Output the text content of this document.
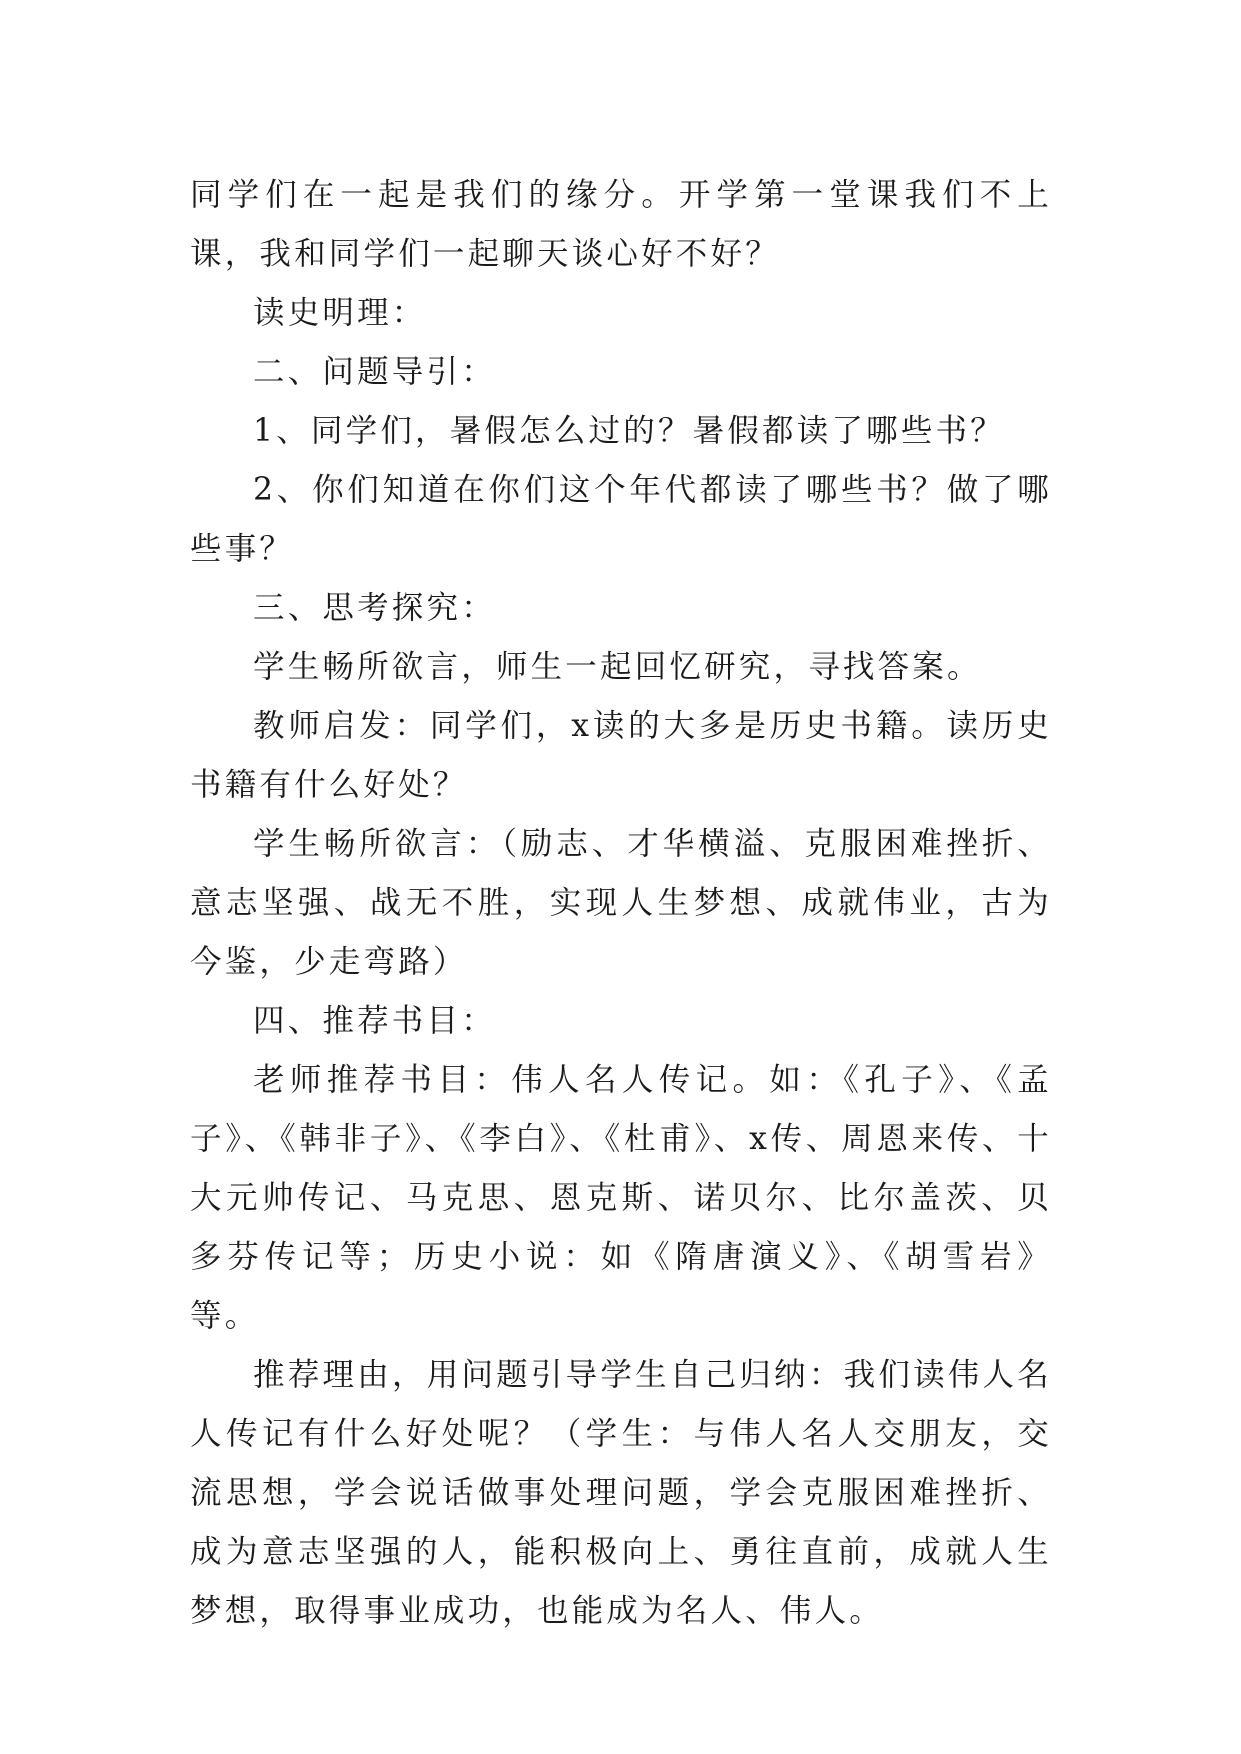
同学们在一起是我们的缘分。开学第一堂课我们不上课，我和同学们一起聊天谈心好不好？

读史明理：

二、问题导引：

1、同学们，暑假怎么过的？暑假都读了哪些书？

2、你们知道在你们这个年代都读了哪些书？做了哪些事？

三、思考探究：

学生畅所欲言，师生一起回忆研究，寻找答案。

教师启发：同学们，x读的大多是历史书籍。读历史书籍有什么好处？

学生畅所欲言：（励志、才华横溢、克服困难挫折、意志坚强、战无不胜，实现人生梦想、成就伟业，古为今鉴，少走弯路）

四、推荐书目：

老师推荐书目：伟人名人传记。如：《孔子》、《孟子》、《韩非子》、《李白》、《杜甫》、x传、周恩来传、十大元帅传记、马克思、恩克斯、诺贝尔、比尔盖茨、贝多芬传记等；历史小说：如《隋唐演义》、《胡雪岩》等。

推荐理由，用问题引导学生自己归纳：我们读伟人名人传记有什么好处呢？（学生：与伟人名人交朋友，交流思想，学会说话做事处理问题，学会克服困难挫折、成为意志坚强的人，能积极向上、勇往直前，成就人生梦想，取得事业成功，也能成为名人、伟人。
